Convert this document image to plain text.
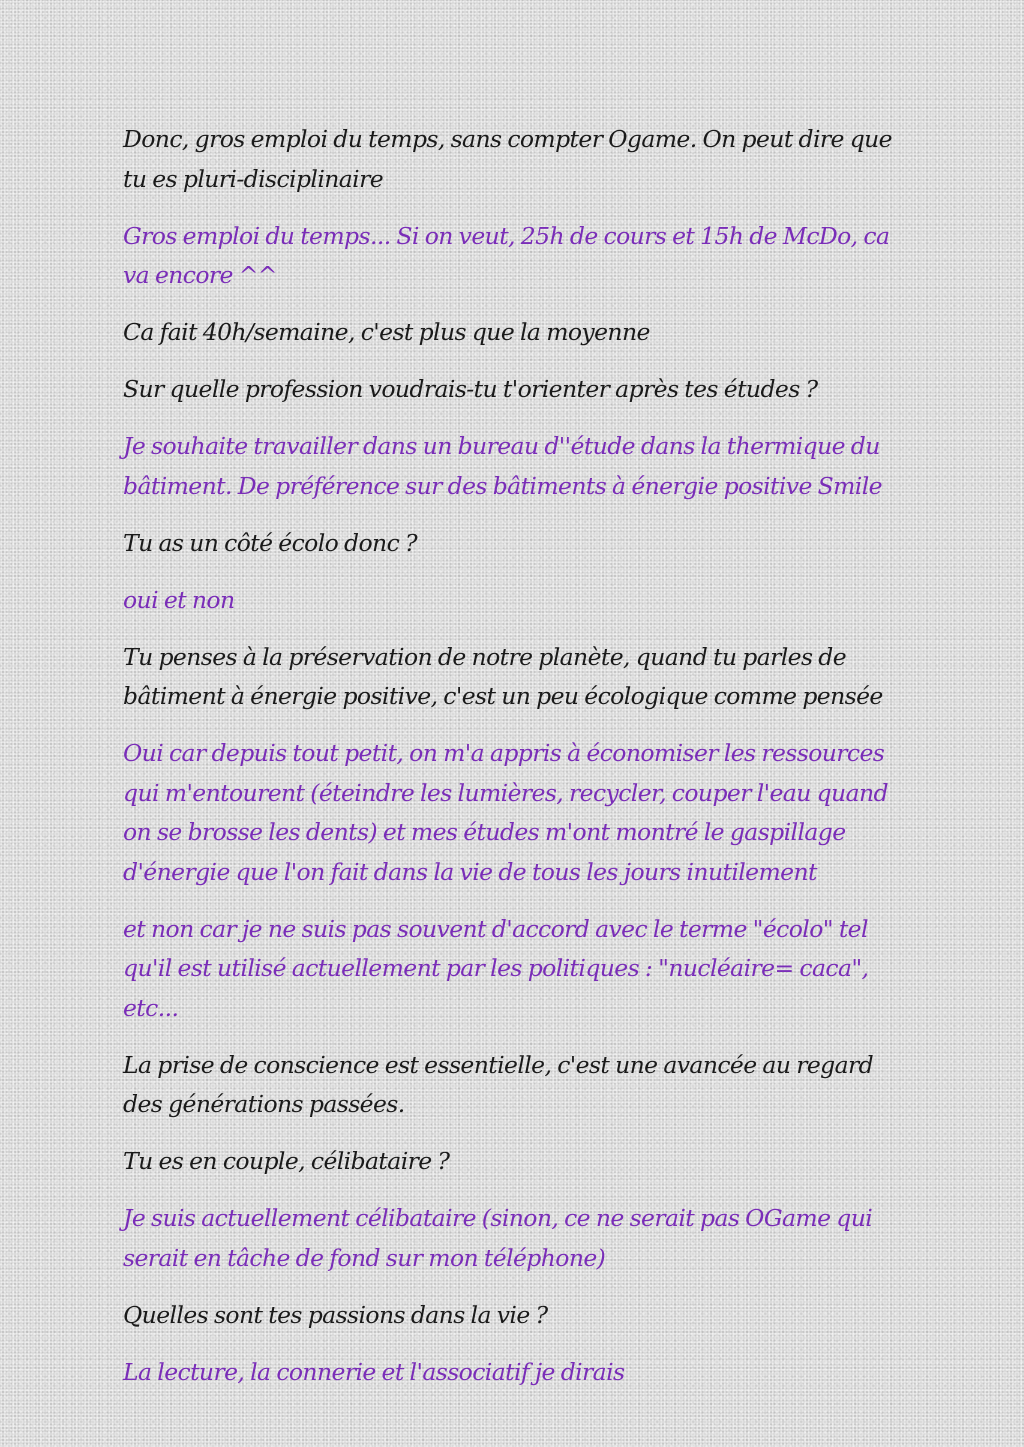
Donc, gros emploi du temps, sans compter Ogame. On peut dire que tu es pluri-disciplinaire

Gros emploi du temps... Si on veut, 25h de cours et 15h de McDo, ca va encore ^^

Ca fait 40h/semaine, c'est plus que la moyenne

Sur quelle profession voudrais-tu t'orienter après tes études ?

Je souhaite travailler dans un bureau d''étude dans la thermique du bâtiment. De préférence sur des bâtiments à énergie positive Smile

Tu as un côté écolo donc ?

oui et non

Tu penses à la préservation de notre planète, quand tu parles de bâtiment à énergie positive, c'est un peu écologique comme pensée

Oui car depuis tout petit, on m'a appris à économiser les ressources qui m'entourent (éteindre les lumières, recycler, couper l'eau quand on se brosse les dents) et mes études m'ont montré le gaspillage d'énergie que l'on fait dans la vie de tous les jours inutilement

et non car je ne suis pas souvent d'accord avec le terme "écolo" tel qu'il est utilisé actuellement par les politiques : "nucléaire= caca", etc...

La prise de conscience est essentielle, c'est une avancée au regard des générations passées.

Tu es en couple, célibataire ?

Je suis actuellement célibataire (sinon, ce ne serait pas OGame qui serait en tâche de fond sur mon téléphone)

Quelles sont tes passions dans la vie ?

La lecture, la connerie et l'associatif je dirais
